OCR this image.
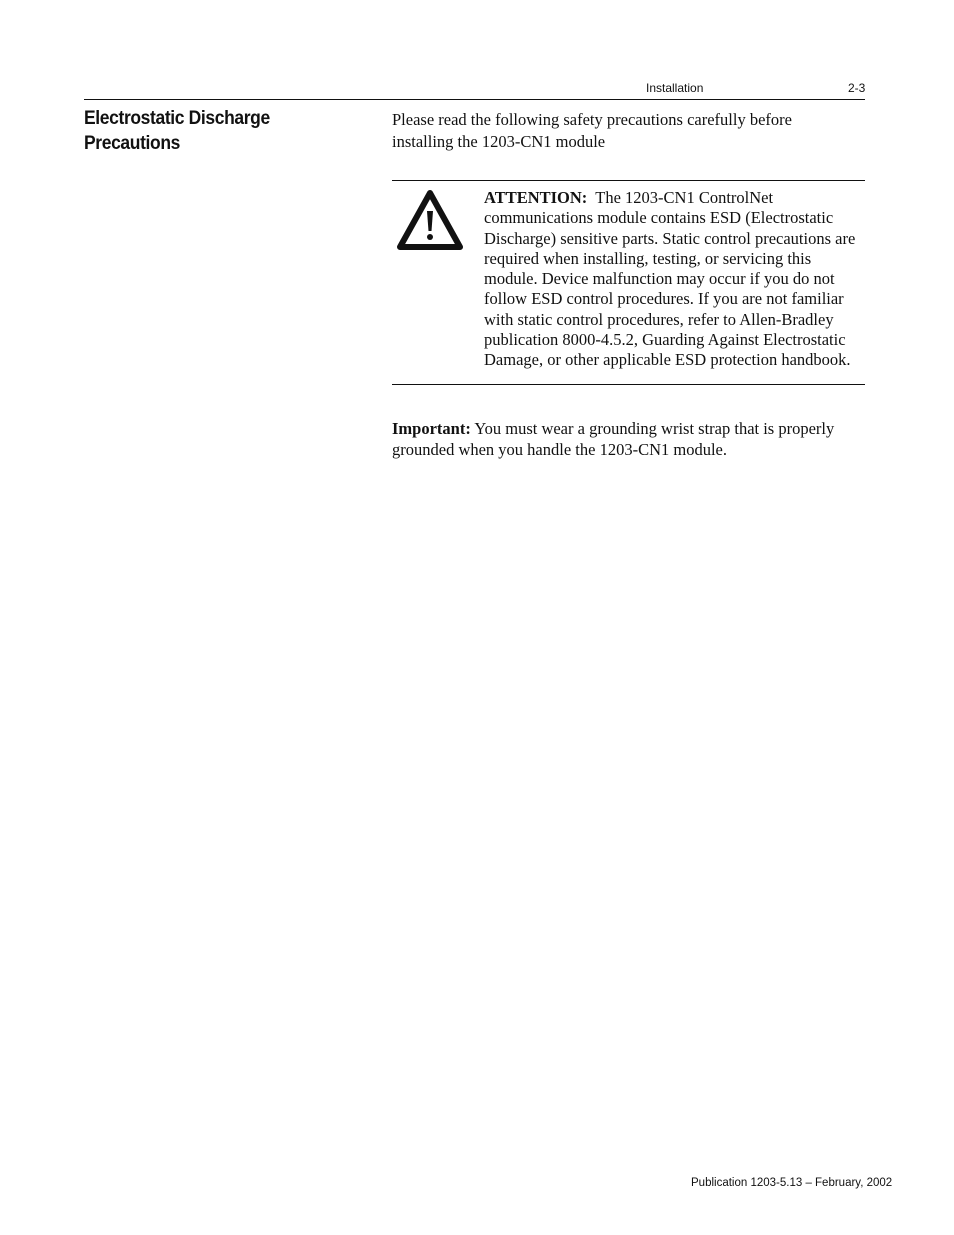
Installation	2-3
Electrostatic Discharge
Precautions

Please read the following safety precautions carefully before installing the 1203-CN1 module

ATTENTION: The 1203-CN1 ControlNet communications module contains ESD (Electrostatic Discharge) sensitive parts. Static control precautions are required when installing, testing, or servicing this module. Device malfunction may occur if you do not follow ESD control procedures. If you are not familiar with static control procedures, refer to Allen-Bradley publication 8000-4.5.2, Guarding Against Electrostatic Damage, or other applicable ESD protection handbook.

Important: You must wear a grounding wrist strap that is properly grounded when you handle the 1203-CN1 module.

Publication 1203-5.13 – February, 2002
